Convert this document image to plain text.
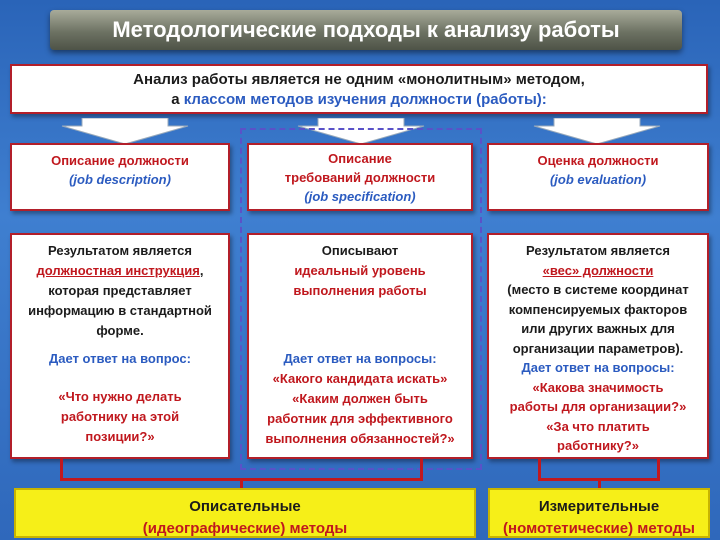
Методологические подходы к анализу работы
Анализ работы является не одним «монолитным» методом,
а классом методов изучения должности (работы):
Описание должности
(job description)
Описание
требований должности
(job specification)
Оценка должности
(job evaluation)
Результатом является
должностная инструкция,
которая представляет
информацию в стандартной
форме.
Дает ответ на вопрос:
«Что нужно делать
работнику на этой
позиции?»
Описывают
идеальный уровень
выполнения работы
Дает ответ на вопросы:
«Какого кандидата искать»
«Каким должен быть
работник для эффективного
выполнения обязанностей?»
Результатом является
«вес» должности
(место в системе координат
компенсируемых факторов
или других важных для
организации параметров).
Дает ответ на вопросы:
«Какова значимость
работы для организации?»
«За что платить
работнику?»
Описательные
(идеографические) методы
Измерительные
(номотетические) методы
